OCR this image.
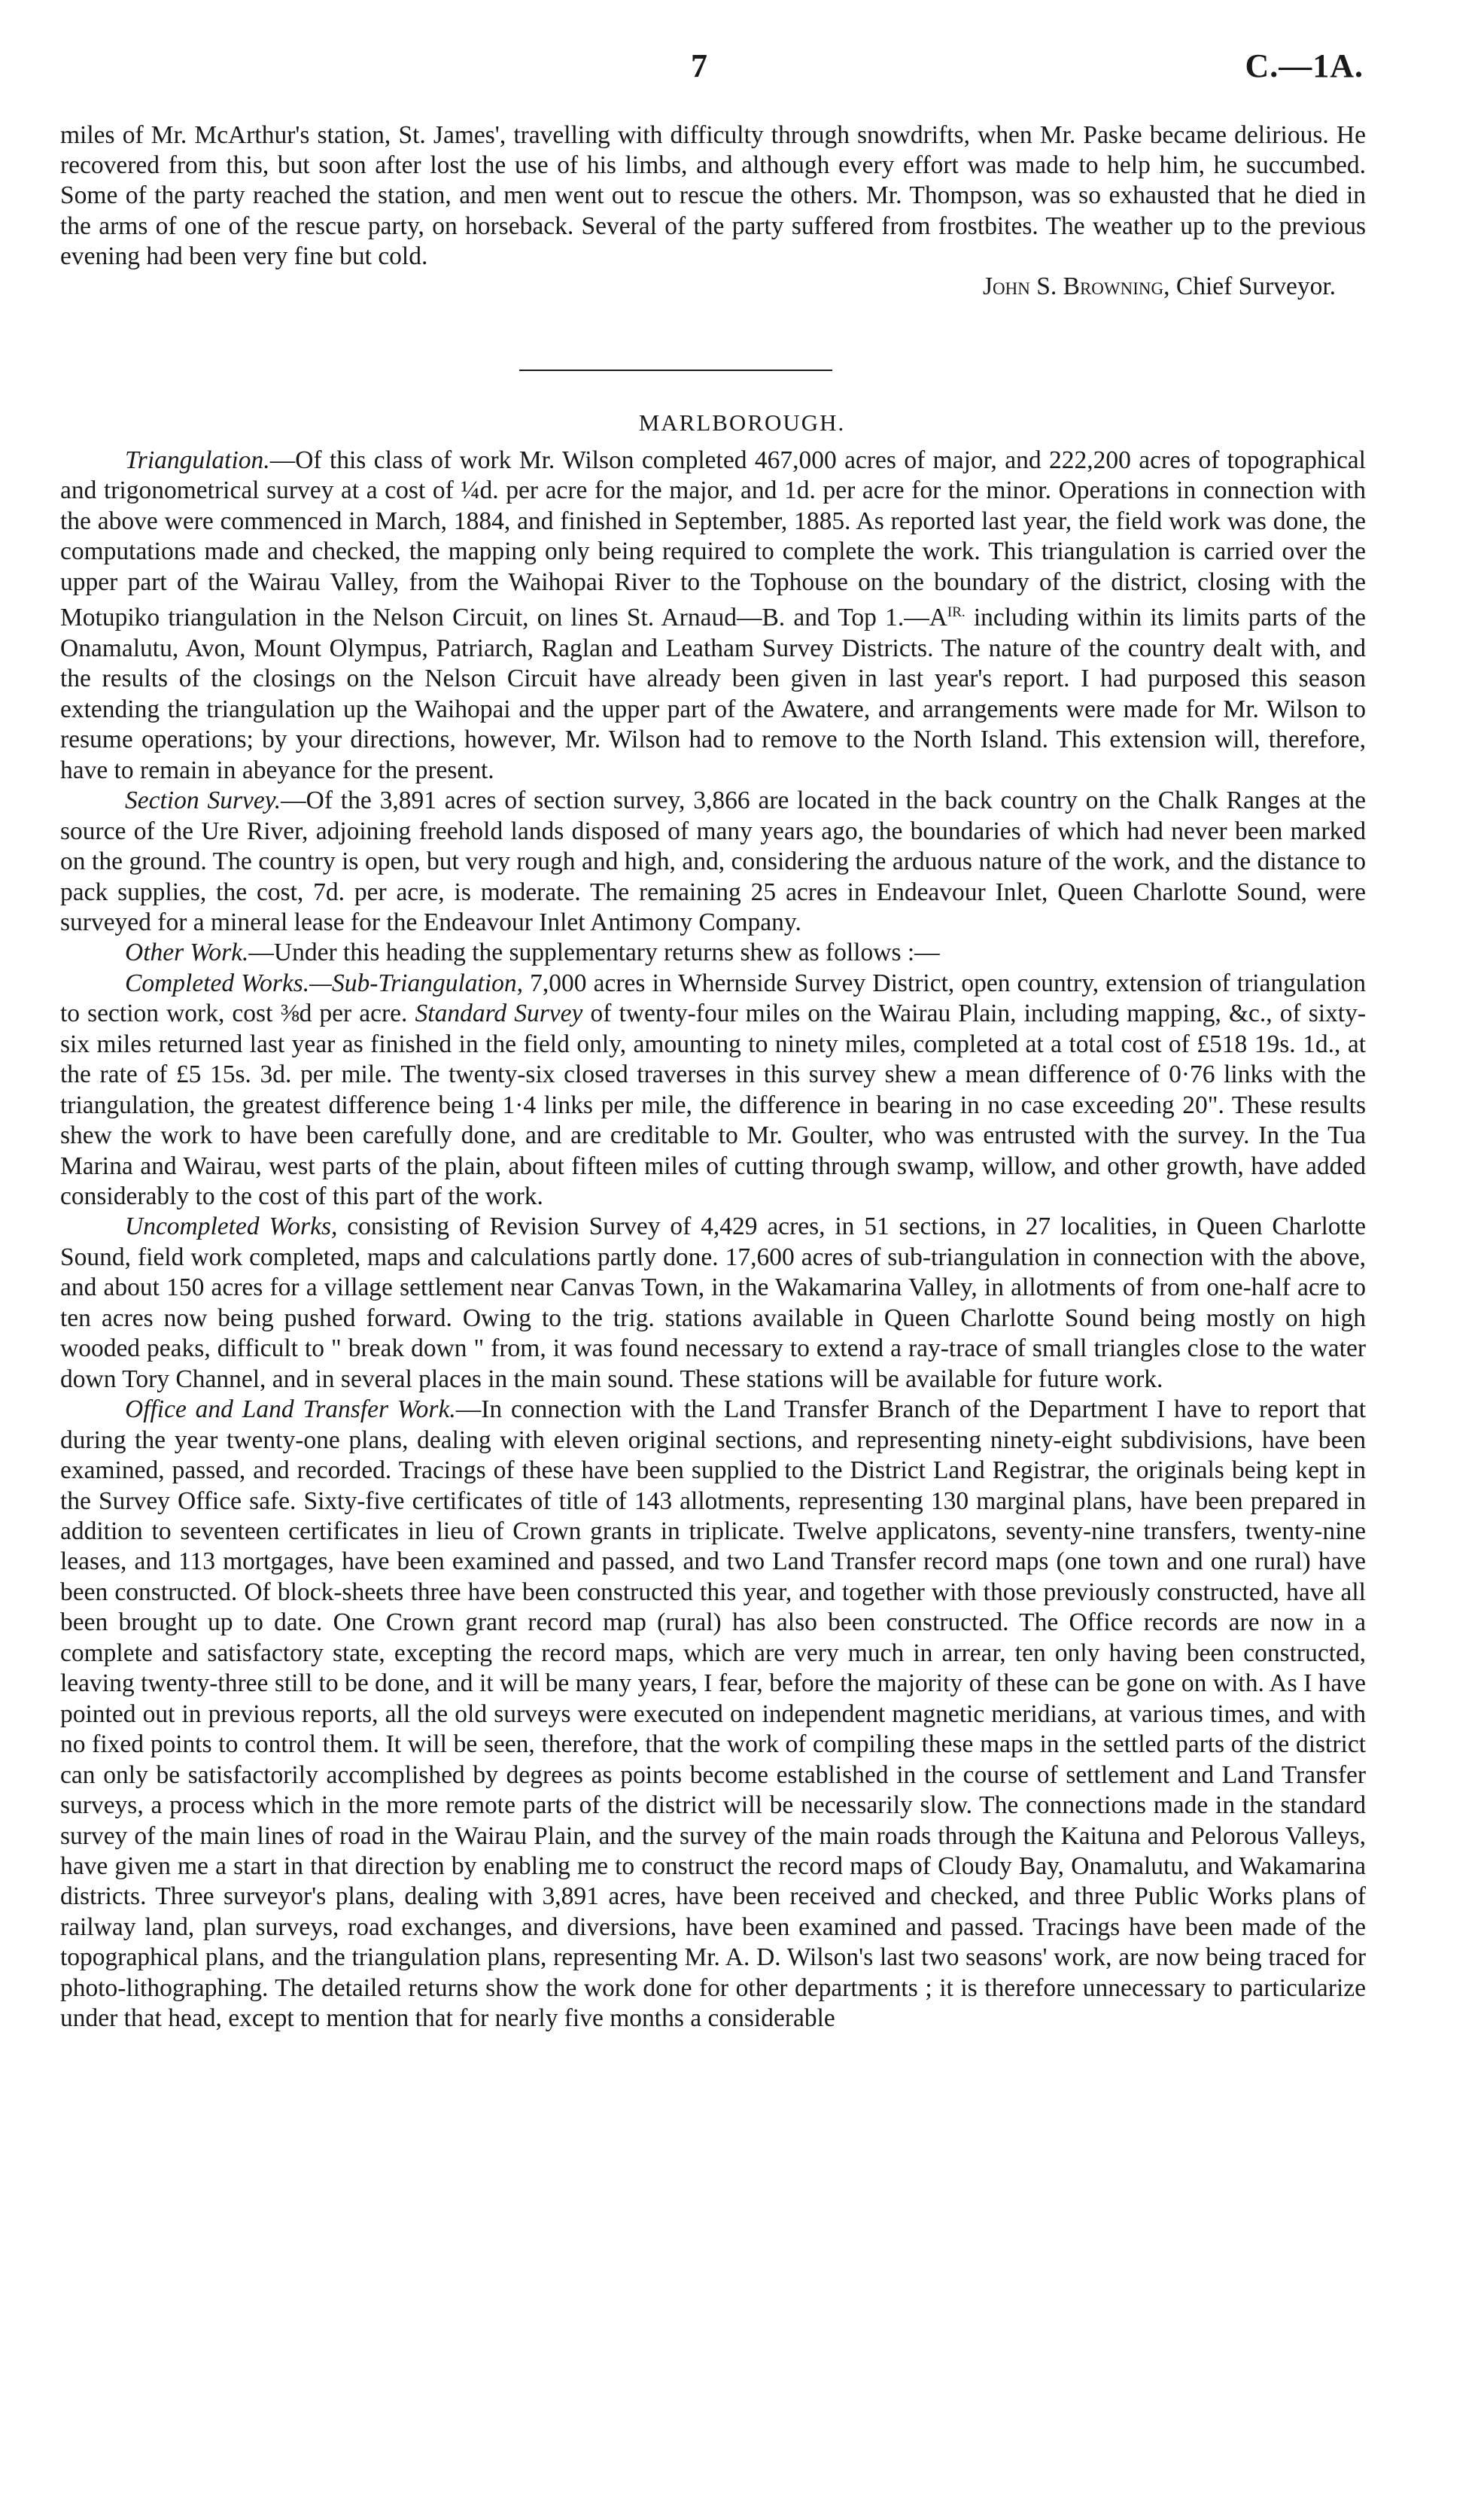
7	C.—1A.

miles of Mr. McArthur's station, St. James', travelling with difficulty through snowdrifts, when Mr. Paske became delirious. He recovered from this, but soon after lost the use of his limbs, and although every effort was made to help him, he succumbed. Some of the party reached the station, and men went out to rescue the others. Mr. Thompson, was so exhausted that he died in the arms of one of the rescue party, on horseback. Several of the party suffered from frostbites. The weather up to the previous evening had been very fine but cold.

John S. Browning, Chief Surveyor.

MARLBOROUGH.

Triangulation.—Of this class of work Mr. Wilson completed 467,000 acres of major, and 222,200 acres of topographical and trigonometrical survey at a cost of ¼d. per acre for the major, and 1d. per acre for the minor. Operations in connection with the above were commenced in March, 1884, and finished in September, 1885. As reported last year, the field work was done, the computations made and checked, the mapping only being required to complete the work. This triangulation is carried over the upper part of the Wairau Valley, from the Waihopai River to the Tophouse on the boundary of the district, closing with the Motupiko triangulation in the Nelson Circuit, on lines St. Arnaud—B. and Top $1.—A^{IR.}$ including within its limits parts of the Onamalutu, Avon, Mount Olympus, Patriarch, Raglan and Leatham Survey Districts. The nature of the country dealt with, and the results of the closings on the Nelson Circuit have already been given in last year's report. I had purposed this season extending the triangulation up the Waihopai and the upper part of the Awatere, and arrangements were made for Mr. Wilson to resume operations; by your directions, however, Mr. Wilson had to remove to the North Island. This extension will, therefore, have to remain in abeyance for the present.

Section Survey.—Of the 3,891 acres of section survey, 3,866 are located in the back country on the Chalk Ranges at the source of the Ure River, adjoining freehold lands disposed of many years ago, the boundaries of which had never been marked on the ground. The country is open, but very rough and high, and, considering the arduous nature of the work, and the distance to pack supplies, the cost, 7d. per acre, is moderate. The remaining 25 acres in Endeavour Inlet, Queen Charlotte Sound, were surveyed for a mineral lease for the Endeavour Inlet Antimony Company.

Other Work.—Under this heading the supplementary returns shew as follows :—

Completed Works.—Sub-Triangulation, 7,000 acres in Whernside Survey District, open country, extension of triangulation to section work, cost ⅜d per acre. Standard Survey of twenty-four miles on the Wairau Plain, including mapping, &c., of sixty-six miles returned last year as finished in the field only, amounting to ninety miles, completed at a total cost of £518 19s. 1d., at the rate of £5 15s. 3d. per mile. The twenty-six closed traverses in this survey shew a mean difference of 0·76 links with the triangulation, the greatest difference being 1·4 links per mile, the difference in bearing in no case exceeding 20". These results shew the work to have been carefully done, and are creditable to Mr. Goulter, who was entrusted with the survey. In the Tua Marina and Wairau, west parts of the plain, about fifteen miles of cutting through swamp, willow, and other growth, have added considerably to the cost of this part of the work.

Uncompleted Works, consisting of Revision Survey of 4,429 acres, in 51 sections, in 27 localities, in Queen Charlotte Sound, field work completed, maps and calculations partly done. 17,600 acres of sub-triangulation in connection with the above, and about 150 acres for a village settlement near Canvas Town, in the Wakamarina Valley, in allotments of from one-half acre to ten acres now being pushed forward. Owing to the trig. stations available in Queen Charlotte Sound being mostly on high wooded peaks, difficult to " break down " from, it was found necessary to extend a ray-trace of small triangles close to the water down Tory Channel, and in several places in the main sound. These stations will be available for future work.

Office and Land Transfer Work.—In connection with the Land Transfer Branch of the Department I have to report that during the year twenty-one plans, dealing with eleven original sections, and representing ninety-eight subdivisions, have been examined, passed, and recorded. Tracings of these have been supplied to the District Land Registrar, the originals being kept in the Survey Office safe. Sixty-five certificates of title of 143 allotments, representing 130 marginal plans, have been prepared in addition to seventeen certificates in lieu of Crown grants in triplicate. Twelve applicatons, seventy-nine transfers, twenty-nine leases, and 113 mortgages, have been examined and passed, and two Land Transfer record maps (one town and one rural) have been constructed. Of block-sheets three have been constructed this year, and together with those previously constructed, have all been brought up to date. One Crown grant record map (rural) has also been constructed. The Office records are now in a complete and satisfactory state, excepting the record maps, which are very much in arrear, ten only having been constructed, leaving twenty-three still to be done, and it will be many years, I fear, before the majority of these can be gone on with. As I have pointed out in previous reports, all the old surveys were executed on independent magnetic meridians, at various times, and with no fixed points to control them. It will be seen, therefore, that the work of compiling these maps in the settled parts of the district can only be satisfactorily accomplished by degrees as points become established in the course of settlement and Land Transfer surveys, a process which in the more remote parts of the district will be necessarily slow. The connections made in the standard survey of the main lines of road in the Wairau Plain, and the survey of the main roads through the Kaituna and Pelorous Valleys, have given me a start in that direction by enabling me to construct the record maps of Cloudy Bay, Onamalutu, and Wakamarina districts. Three surveyor's plans, dealing with 3,891 acres, have been received and checked, and three Public Works plans of railway land, plan surveys, road exchanges, and diversions, have been examined and passed. Tracings have been made of the topographical plans, and the triangulation plans, representing Mr. A. D. Wilson's last two seasons' work, are now being traced for photo-lithographing. The detailed returns show the work done for other departments ; it is therefore unnecessary to particularize under that head, except to mention that for nearly five months a considerable
